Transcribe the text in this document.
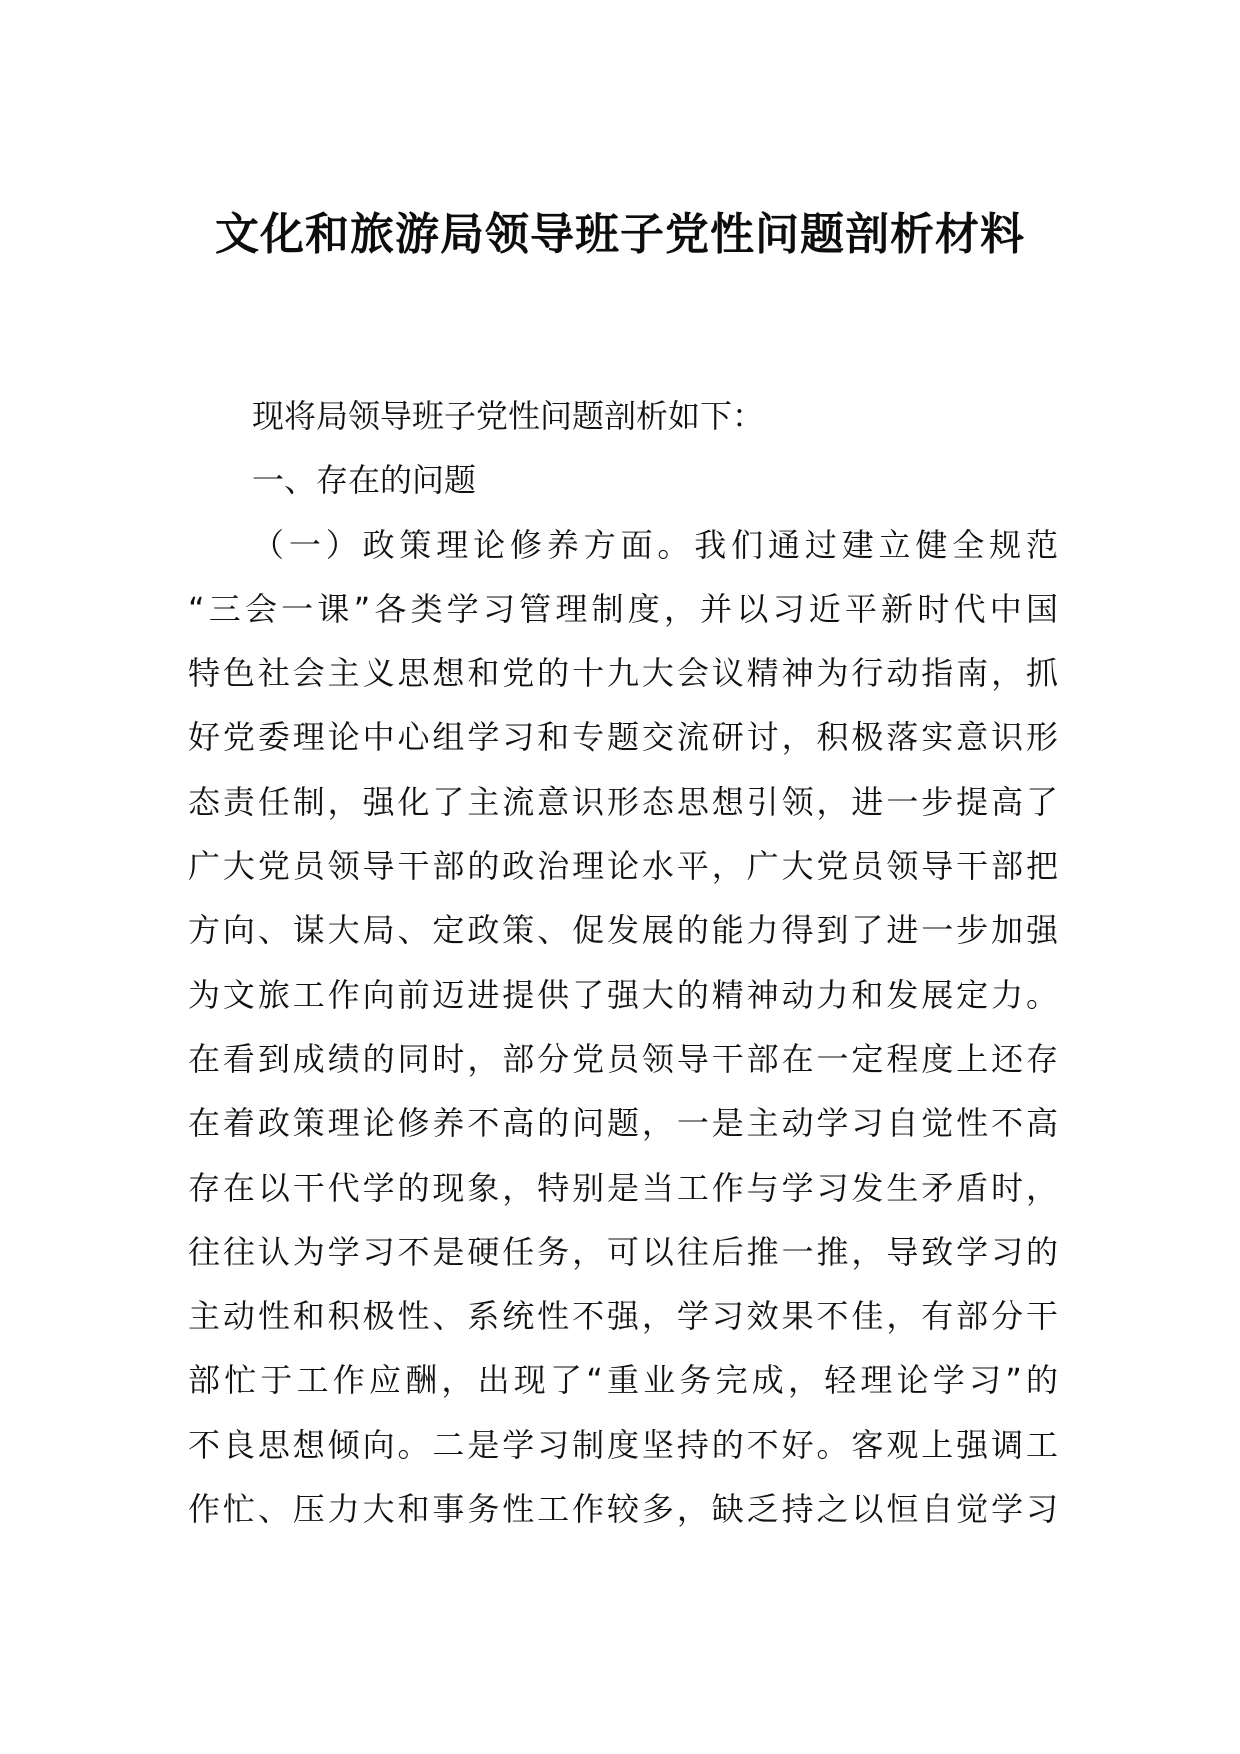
文化和旅游局领导班子党性问题剖析材料
现将局领导班子党性问题剖析如下：
一、存在的问题
（一）政策理论修养方面。我们通过建立健全规范
“三会一课”各类学习管理制度，并以习近平新时代中国
特色社会主义思想和党的十九大会议精神为行动指南，抓
好党委理论中心组学习和专题交流研讨，积极落实意识形
态责任制，强化了主流意识形态思想引领，进一步提高了
广大党员领导干部的政治理论水平，广大党员领导干部把
方向、谋大局、定政策、促发展的能力得到了进一步加强
为文旅工作向前迈进提供了强大的精神动力和发展定力。
在看到成绩的同时，部分党员领导干部在一定程度上还存
在着政策理论修养不高的问题，一是主动学习自觉性不高
存在以干代学的现象，特别是当工作与学习发生矛盾时，
往往认为学习不是硬任务，可以往后推一推，导致学习的
主动性和积极性、系统性不强，学习效果不佳，有部分干
部忙于工作应酬，出现了“重业务完成，轻理论学习”的
不良思想倾向。二是学习制度坚持的不好。客观上强调工
作忙、压力大和事务性工作较多，缺乏持之以恒自觉学习
